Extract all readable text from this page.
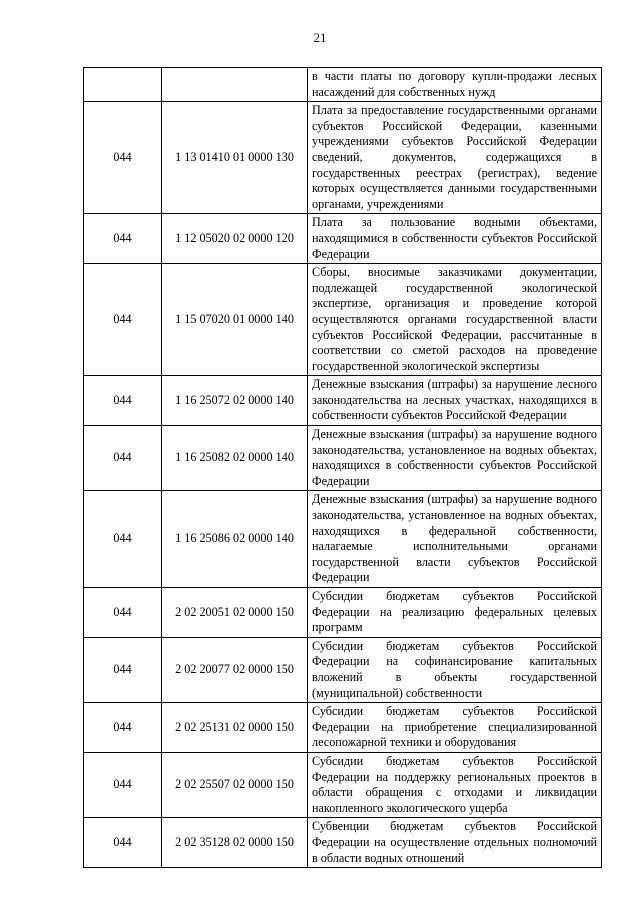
21
		в части платы по договору купли-продажи лесных насаждений для собственных нужд
044	1 13 01410 01 0000 130	Плата за предоставление государственными органами субъектов Российской Федерации, казенными учреждениями субъектов Российской Федерации сведений, документов, содержащихся в государственных реестрах (регистрах), ведение которых осуществляется данными государственными органами, учреждениями
044	1 12 05020 02 0000 120	Плата за пользование водными объектами, находящимися в собственности субъектов Российской Федерации
044	1 15 07020 01 0000 140	Сборы, вносимые заказчиками документации, подлежащей государственной экологической экспертизе, организация и проведение которой осуществляются органами государственной власти субъектов Российской Федерации, рассчитанные в соответствии со сметой расходов на проведение государственной экологической экспертизы
044	1 16 25072 02 0000 140	Денежные взыскания (штрафы) за нарушение лесного законодательства на лесных участках, находящихся в собственности субъектов Российской Федерации
044	1 16 25082 02 0000 140	Денежные взыскания (штрафы) за нарушение водного законодательства, установленное на водных объектах, находящихся в собственности субъектов Российской Федерации
044	1 16 25086 02 0000 140	Денежные взыскания (штрафы) за нарушение водного законодательства, установленное на водных объектах, находящихся в федеральной собственности, налагаемые исполнительными органами государственной власти субъектов Российской Федерации
044	2 02 20051 02 0000 150	Субсидии бюджетам субъектов Российской Федерации на реализацию федеральных целевых программ
044	2 02 20077 02 0000 150	Субсидии бюджетам субъектов Российской Федерации на софинансирование капитальных вложений в объекты государственной (муниципальной) собственности
044	2 02 25131 02 0000 150	Субсидии бюджетам субъектов Российской Федерации на приобретение специализированной лесопожарной техники и оборудования
044	2 02 25507 02 0000 150	Субсидии бюджетам субъектов Российской Федерации на поддержку региональных проектов в области обращения с отходами и ликвидации накопленного экологического ущерба
044	2 02 35128 02 0000 150	Субвенции бюджетам субъектов Российской Федерации на осуществление отдельных полномочий в области водных отношений
